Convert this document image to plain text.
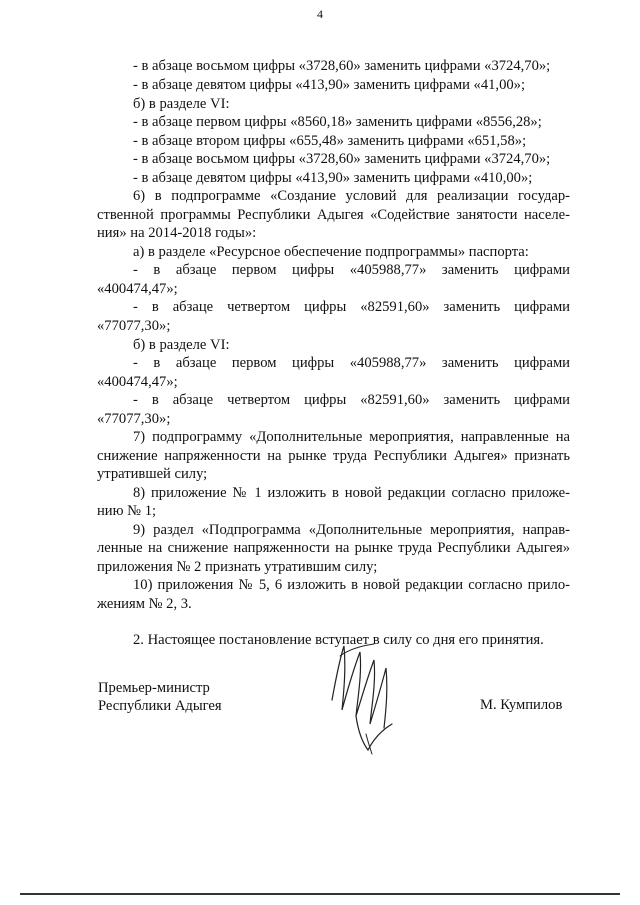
4
- в абзаце восьмом цифры «3728,60» заменить цифрами «3724,70»;
- в абзаце девятом цифры «413,90» заменить цифрами «41,00»;
б) в разделе VI:
- в абзаце первом цифры «8560,18» заменить цифрами «8556,28»;
- в абзаце втором цифры «655,48» заменить цифрами «651,58»;
- в абзаце восьмом цифры «3728,60» заменить цифрами «3724,70»;
- в абзаце девятом цифры «413,90» заменить цифрами «410,00»;
6) в подпрограмме «Создание условий для реализации государ-
ственной программы Республики Адыгея «Содействие занятости населе-
ния» на 2014-2018 годы»:
а) в разделе «Ресурсное обеспечение подпрограммы» паспорта:
- в абзаце первом цифры «405988,77» заменить цифрами
«400474,47»;
- в абзаце четвертом цифры «82591,60» заменить цифрами
«77077,30»;
б) в разделе VI:
- в абзаце первом цифры «405988,77» заменить цифрами
«400474,47»;
- в абзаце четвертом цифры «82591,60» заменить цифрами
«77077,30»;
7) подпрограмму «Дополнительные мероприятия, направленные на
снижение напряженности на рынке труда Республики Адыгея» признать
утратившей силу;
8) приложение № 1 изложить в новой редакции согласно приложе-
нию № 1;
9) раздел «Подпрограмма «Дополнительные мероприятия, направ-
ленные на снижение напряженности на рынке труда Республики Адыгея»
приложения № 2 признать утратившим силу;
10) приложения № 5, 6 изложить в новой редакции согласно прило-
жениям № 2, 3.
2. Настоящее постановление вступает в силу со дня его принятия.
Премьер-министр
Республики Адыгея	М. Кумпилов
